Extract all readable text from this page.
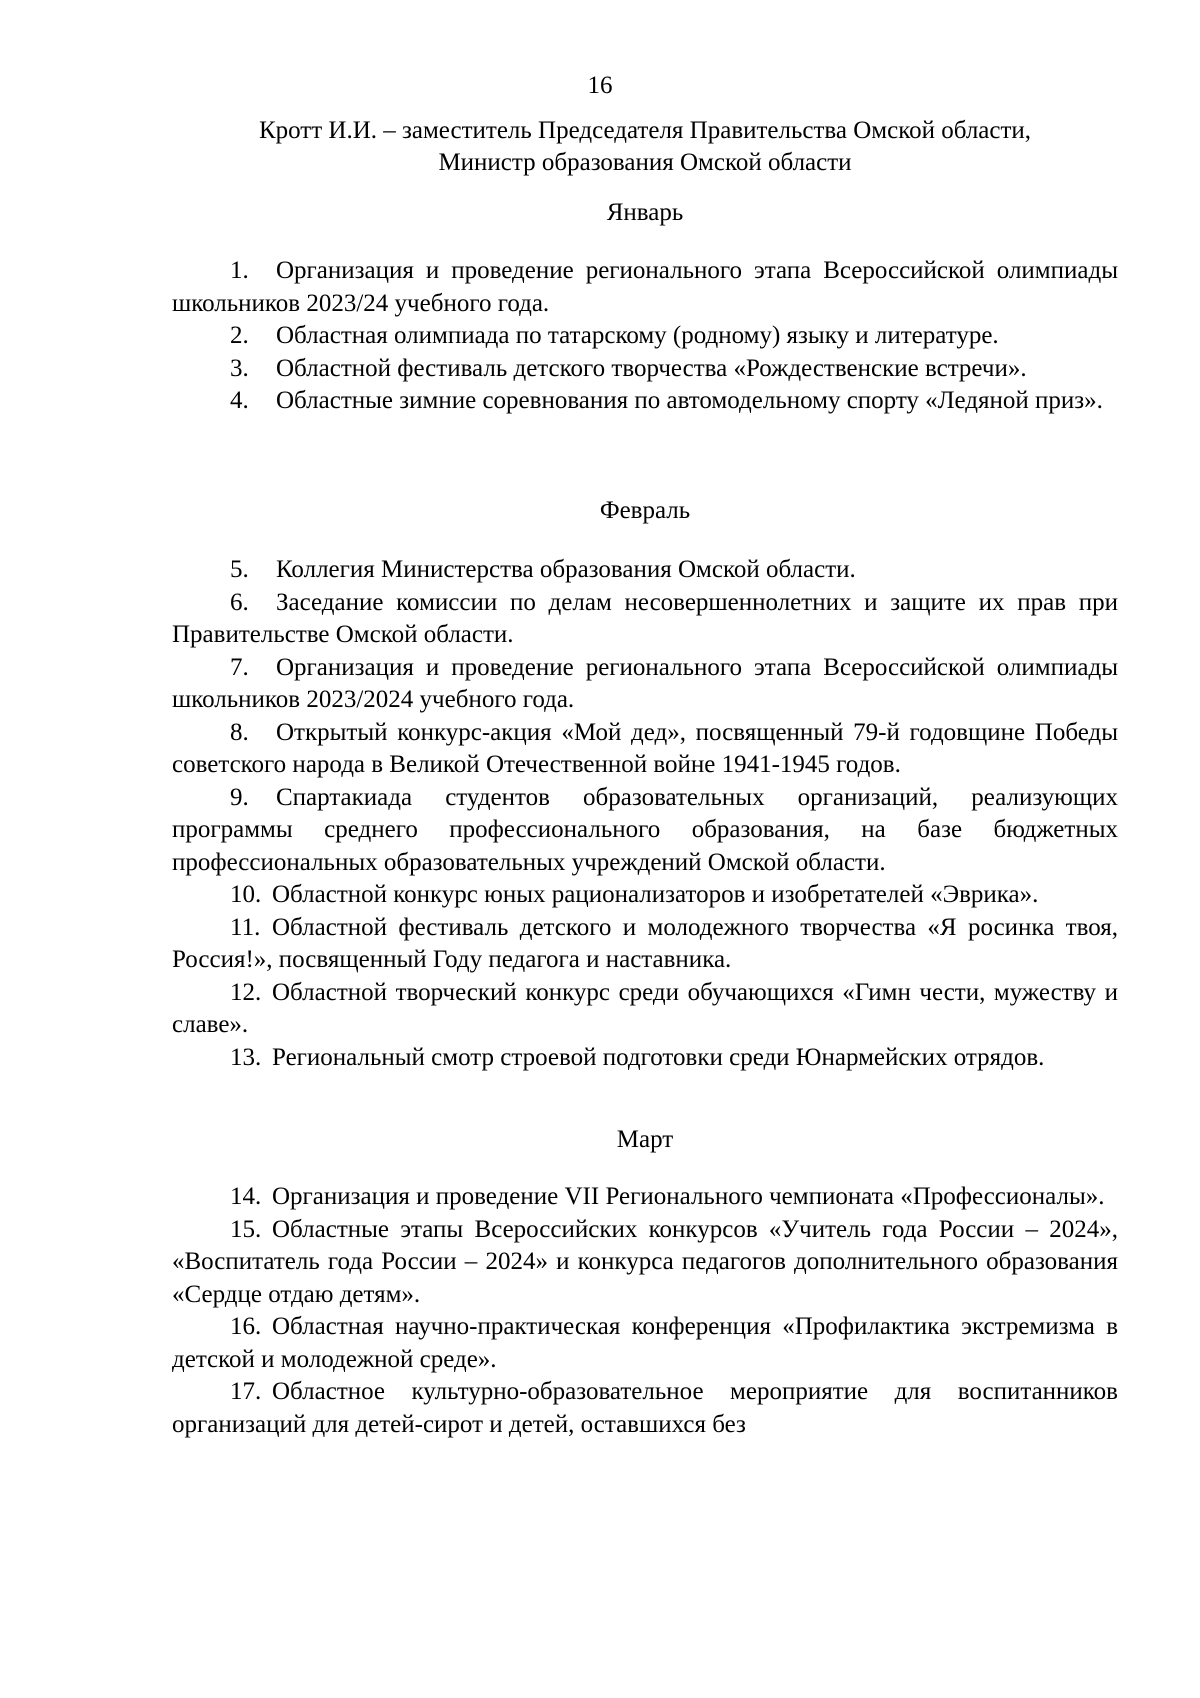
16
Кротт И.И. – заместитель Председателя Правительства Омской области,
Министр образования Омской области
Январь

1. Организация и проведение регионального этапа Всероссийской олимпиады школьников 2023/24 учебного года.

2. Областная олимпиада по татарскому (родному) языку и литературе.

3. Областной фестиваль детского творчества «Рождественские встречи».

4. Областные зимние соревнования по автомодельному спорту «Ледяной приз».

Февраль

5. Коллегия Министерства образования Омской области.

6. Заседание комиссии по делам несовершеннолетних и защите их прав при Правительстве Омской области.

7. Организация и проведение регионального этапа Всероссийской олимпиады школьников 2023/2024 учебного года.

8. Открытый конкурс-акция «Мой дед», посвященный 79-й годовщине Победы советского народа в Великой Отечественной войне 1941-1945 годов.

9. Спартакиада студентов образовательных организаций, реализующих программы среднего профессионального образования, на базе бюджетных профессиональных образовательных учреждений Омской области.

10. Областной конкурс юных рационализаторов и изобретателей «Эврика».

11. Областной фестиваль детского и молодежного творчества «Я росинка твоя, Россия!», посвященный Году педагога и наставника.

12. Областной творческий конкурс среди обучающихся «Гимн чести, мужеству и славе».

13. Региональный смотр строевой подготовки среди Юнармейских отрядов.

Март

14. Организация и проведение VII Регионального чемпионата «Профессионалы».

15. Областные этапы Всероссийских конкурсов «Учитель года России – 2024», «Воспитатель года России – 2024» и конкурса педагогов дополнительного образования «Сердце отдаю детям».

16. Областная научно-практическая конференция «Профилактика экстремизма в детской и молодежной среде».

17. Областное культурно-образовательное мероприятие для воспитанников организаций для детей-сирот и детей, оставшихся без
